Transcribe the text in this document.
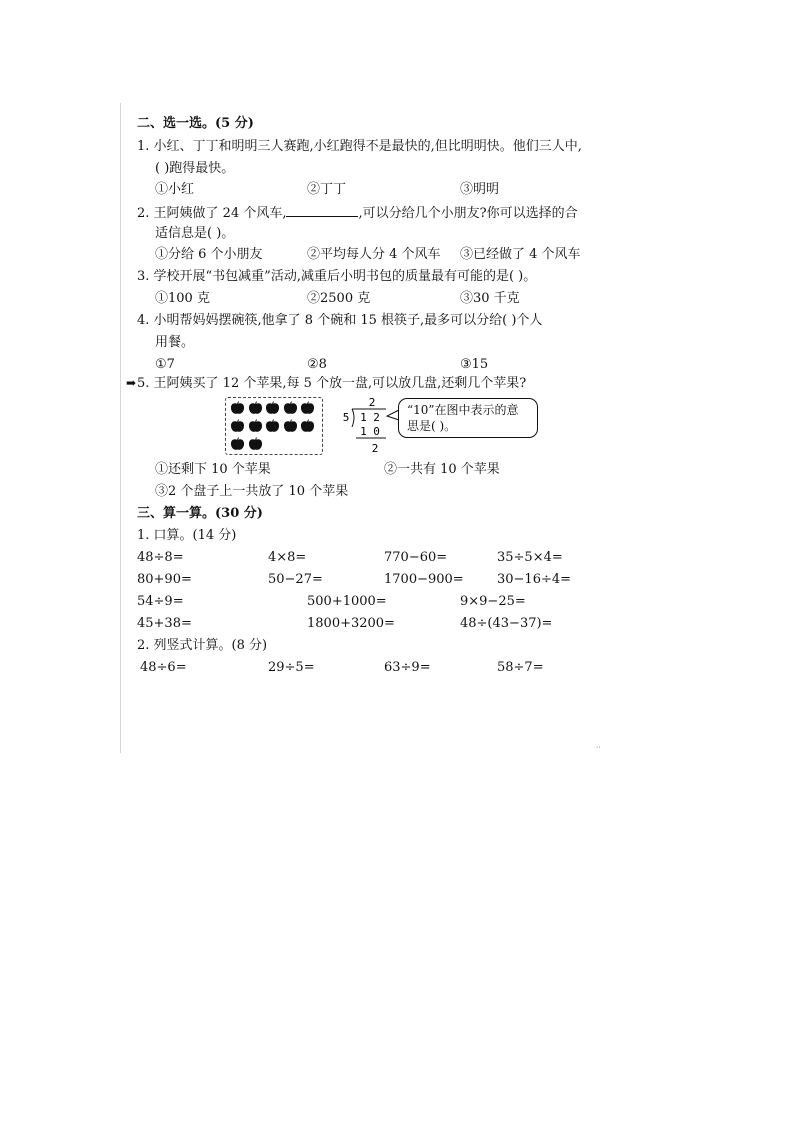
二、选一选。(5 分)
1. 小红、丁丁和明明三人赛跑,小红跑得不是最快的,但比明明快。他们三人中,
( )跑得最快。
①小红	②丁丁	③明明
2. 王阿姨做了 24 个风车,	,可以分给几个小朋友?你可以选择的合
适信息是( )。
①分给 6 个小朋友	②平均每人分 4 个风车 ③已经做了 4 个风车
3. 学校开展“书包减重”活动,减重后小明书包的质量最有可能的是( )。
①100 克	②2500 克	③30 千克
4. 小明帮妈妈摆碗筷,他拿了 8 个碗和 15 根筷子,最多可以分给( )个人
用餐。
①7	②8	③15
➡ 5. 王阿姨买了 12 个苹果,每 5 个放一盘,可以放几盘,还剩几个苹果?
2
5 1 2
1 0
2
“10”在图中表示的意
思是( )。
①还剩下 10 个苹果	②一共有 10 个苹果
③2 个盘子上一共放了 10 个苹果
三、算一算。(30 分)
1. 口算。(14 分)
48÷8=	4×8=	770−60=	35÷5×4=
80+90=	50−27=	1700−900=	30−16÷4=
54÷9=	500+1000=	9×9−25=
45+38=	1800+3200=	48÷(43−37)=
2. 列竖式计算。(8 分)
48÷6=	29÷5=	63÷9=	58÷7=
⸱⸱
